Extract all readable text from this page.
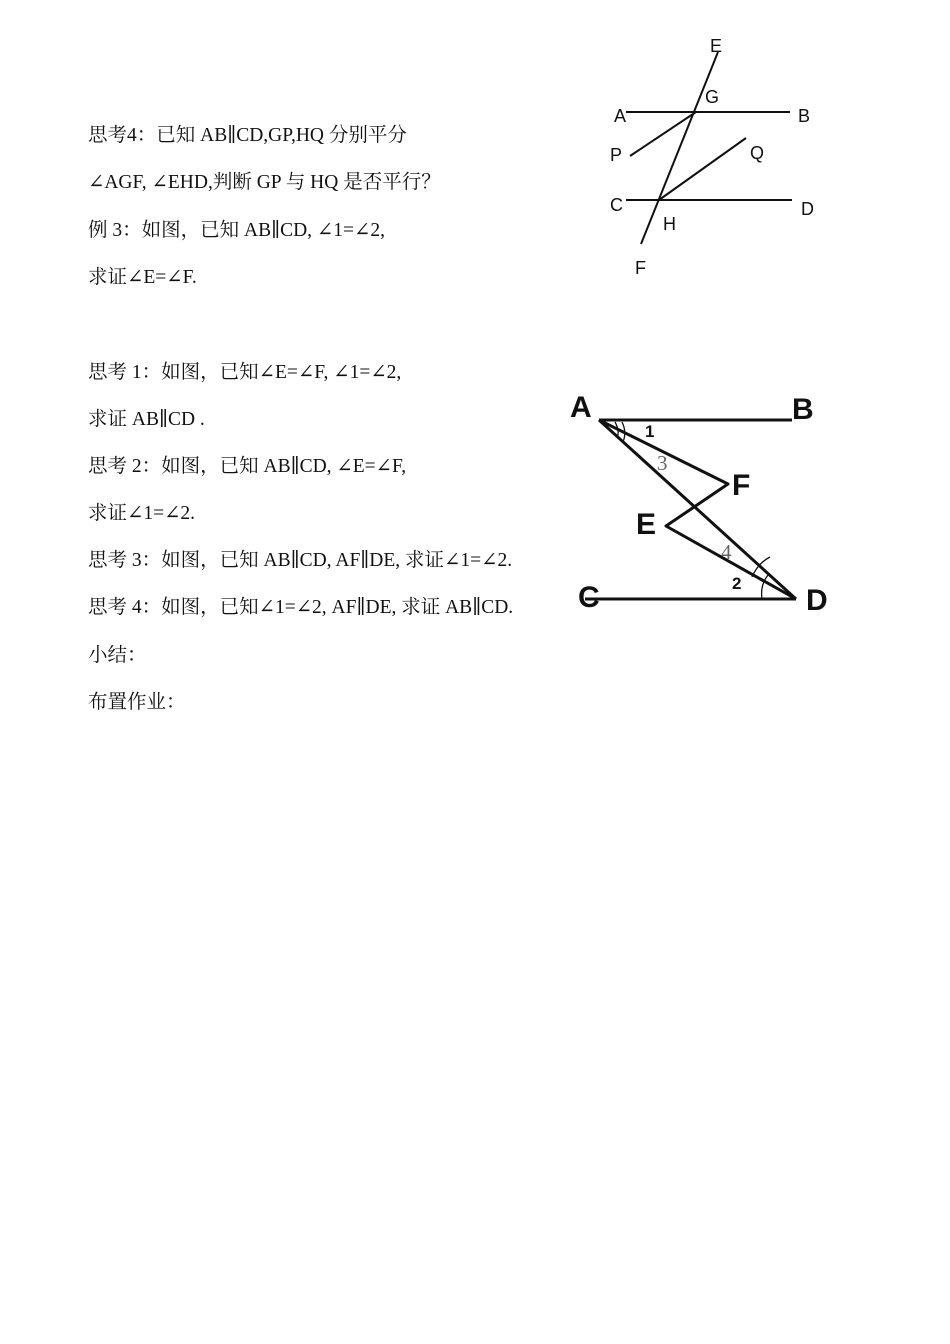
思考4：已知 AB∥CD,GP,HQ 分别平分
∠AGF, ∠EHD,判断 GP 与 HQ 是否平行？
例 3：如图，已知 AB∥CD, ∠1=∠2,
求证∠E=∠F.
思考 1：如图，已知∠E=∠F, ∠1=∠2,
求证 AB∥CD .
思考 2：如图，已知 AB∥CD, ∠E=∠F,
求证∠1=∠2.
思考 3：如图，已知 AB∥CD, AF∥DE, 求证∠1=∠2.
思考 4：如图，已知∠1=∠2, AF∥DE, 求证 AB∥CD.
小结：
布置作业：
E
G
A	B
P	Q
C	D
H
F
A	B
F
E
C	D
1
2
3
4
